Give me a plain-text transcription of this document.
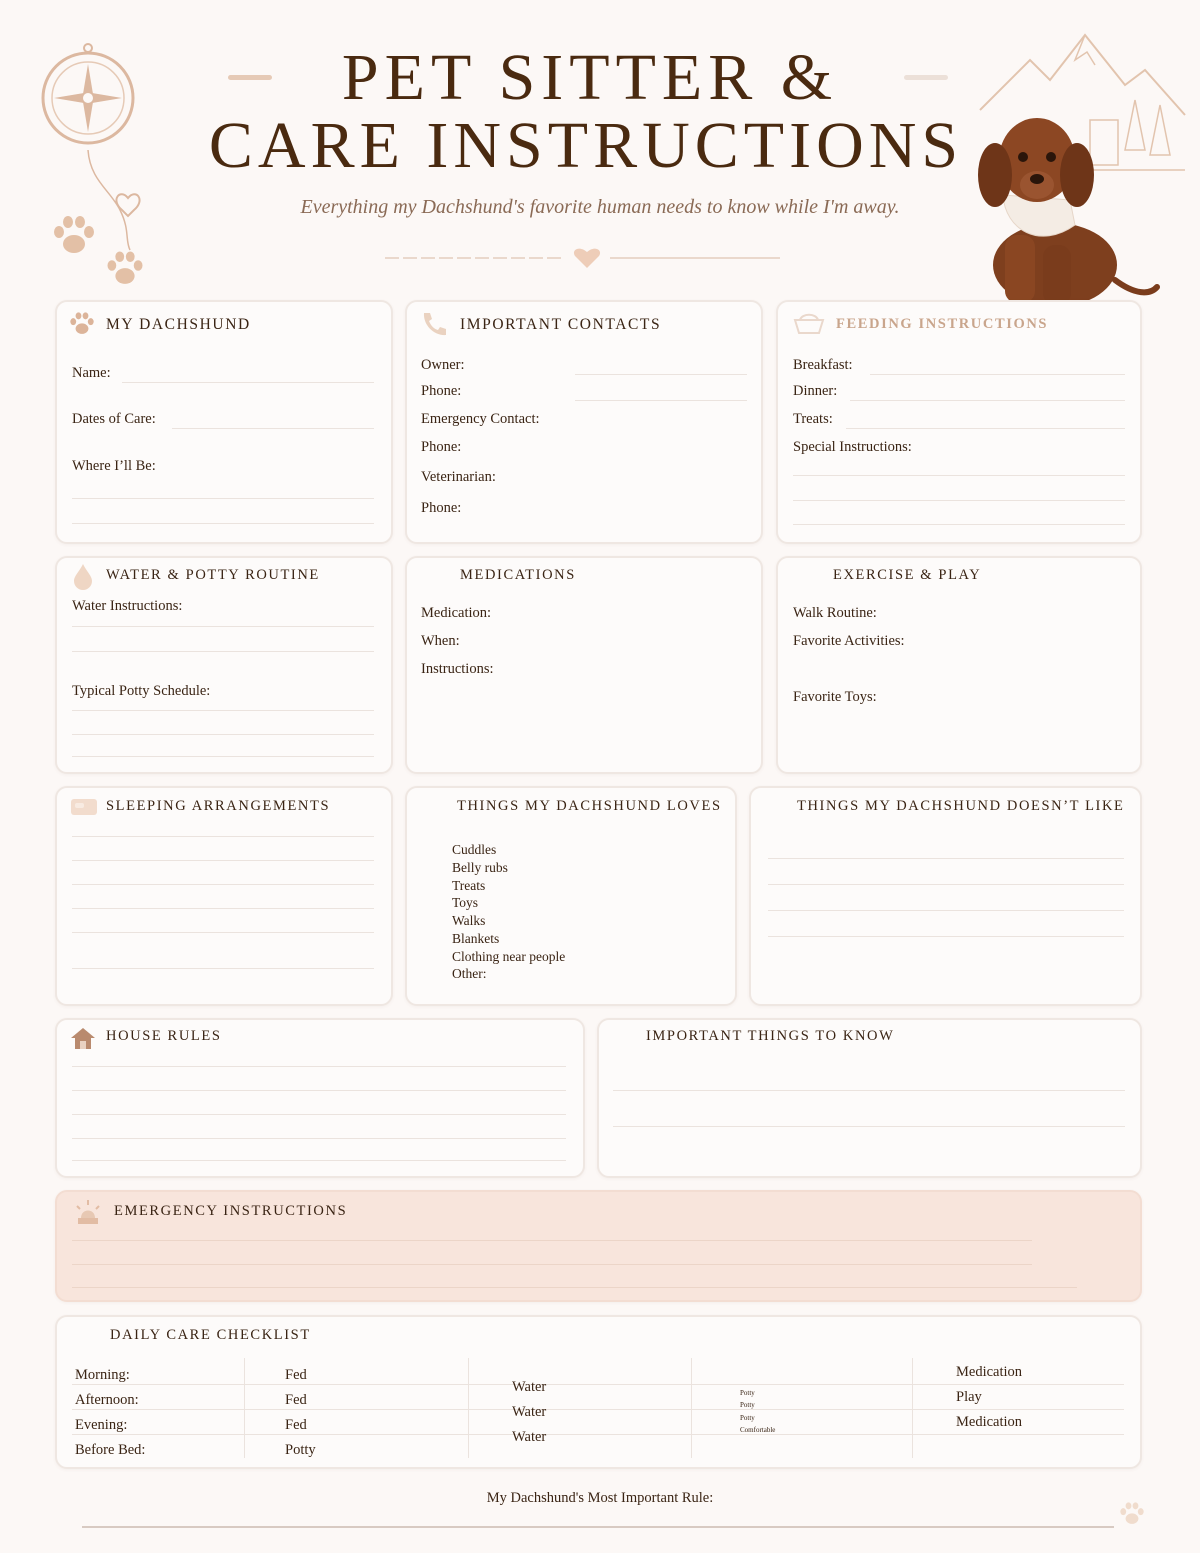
PET SITTER &
CARE INSTRUCTIONS
Everything my Dachshund's favorite human needs to know while I'm away.
MY DACHSHUND
Name:
Dates of Care:
Where I’ll Be:
IMPORTANT CONTACTS
Owner:
Phone:
Emergency Contact:
Phone:
Veterinarian:
Phone:
FEEDING INSTRUCTIONS
Breakfast:
Dinner:
Treats:
Special Instructions:
WATER & POTTY ROUTINE
Water Instructions:
Typical Potty Schedule:
MEDICATIONS
Medication:
When:
Instructions:
EXERCISE & PLAY
Walk Routine:
Favorite Activities:
Favorite Toys:
SLEEPING ARRANGEMENTS	THINGS MY DACHSHUND LOVES
Cuddles
Belly rubs
Treats
Toys
Walks
Blankets
Clothing near people
Other:
THINGS MY DACHSHUND DOESN’T LIKE
HOUSE RULES	IMPORTANT THINGS TO KNOW
EMERGENCY INSTRUCTIONS
DAILY CARE CHECKLIST
Morning:
Afternoon:
Evening:
Before Bed:
Fed
Fed
Fed
Potty
Water
Water
Water
Potty
Potty
Potty
Comfortable
Medication
Play
Medication
My Dachshund's Most Important Rule:
